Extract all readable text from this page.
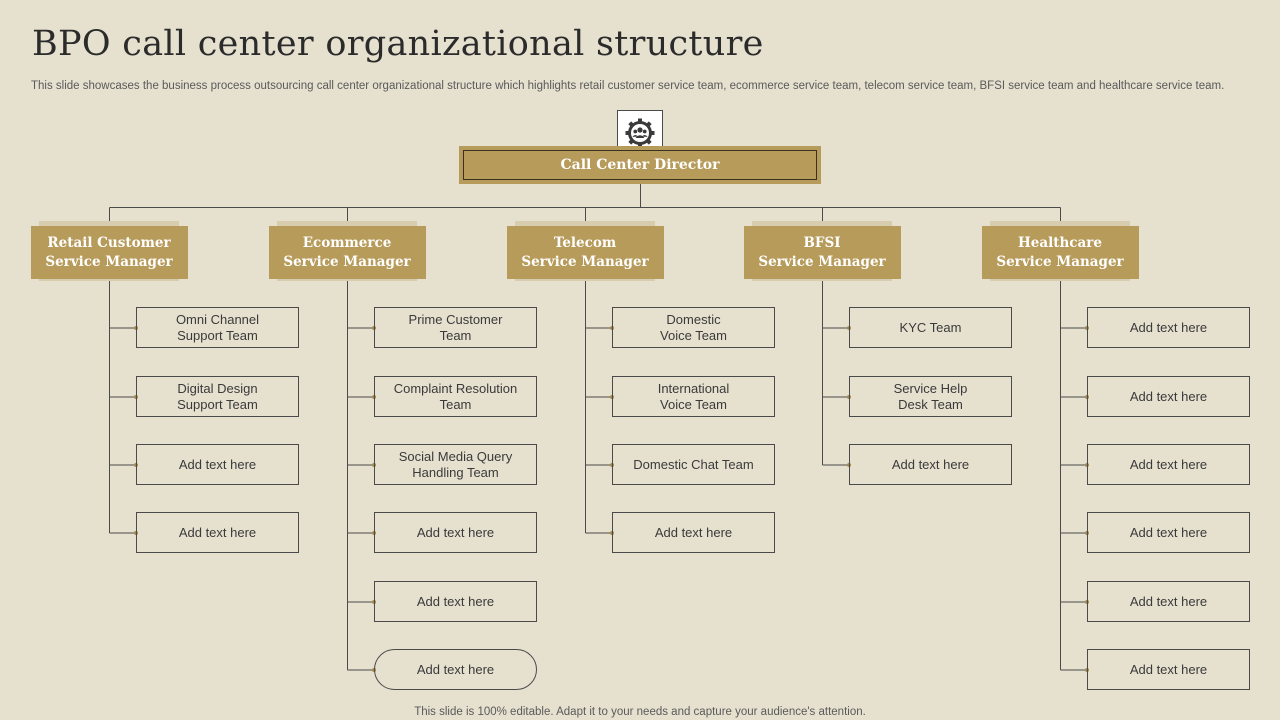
BPO call center organizational structure
This slide showcases the business process outsourcing call center organizational structure which highlights retail customer service team, ecommerce service team, telecom service team, BFSI service team and healthcare service team.
Call Center Director
Retail Customer
Service Manager
Omni Channel
Support Team
Digital Design
Support Team
Add text here
Add text here
Ecommerce
Service Manager
Prime Customer
Team
Complaint Resolution
Team
Social Media Query
Handling Team
Add text here
Add text here
Add text here
Telecom
Service Manager
Domestic
Voice Team
International
Voice Team
Domestic Chat Team
Add text here
BFSI
Service Manager
KYC Team
Service Help
Desk Team
Add text here
Healthcare
Service Manager
Add text here
Add text here
Add text here
Add text here
Add text here
Add text here
This slide is 100% editable. Adapt it to your needs and capture your audience's attention.
